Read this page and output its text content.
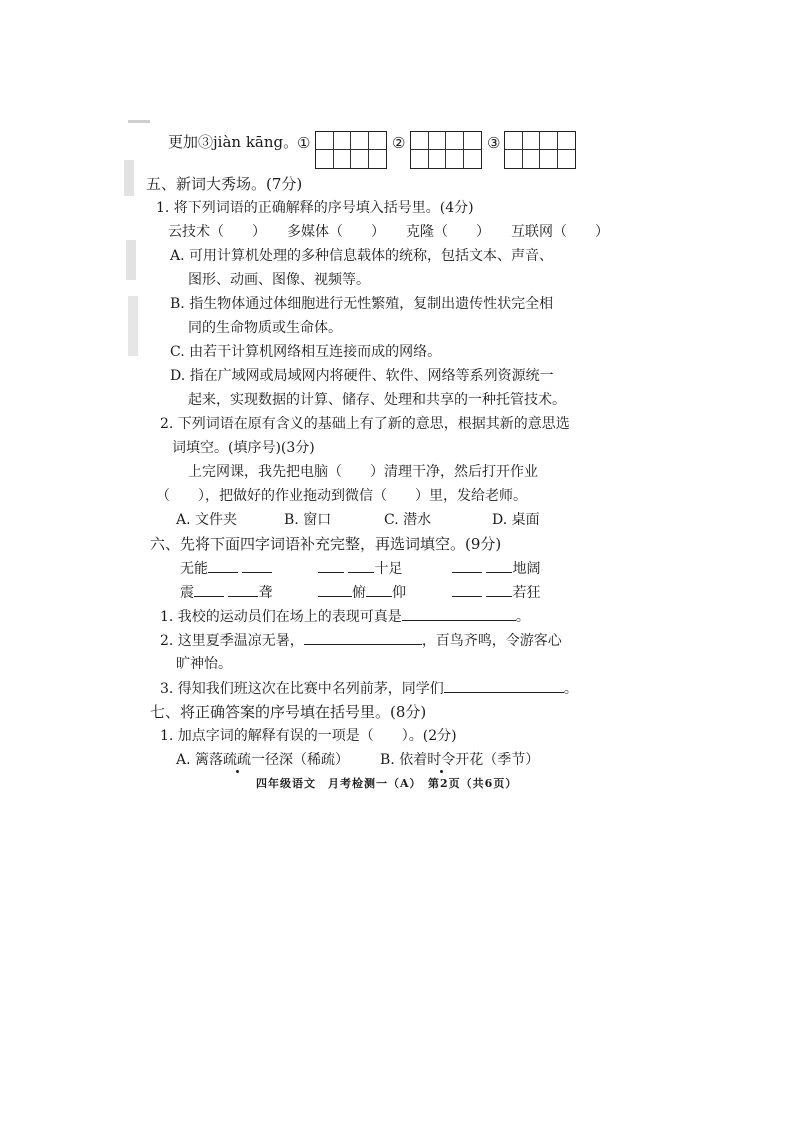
更加③jiàn kāng。
①	②	③
五、新词大秀场。(7分)
1. 将下列词语的正确解释的序号填入括号里。(4分)
云技术（　　）　　多媒体（　　）　　克隆（　　）　　互联网（　　）
A. 可用计算机处理的多种信息载体的统称，包括文本、声音、
图形、动画、图像、视频等。
B. 指生物体通过体细胞进行无性繁殖，复制出遗传性状完全相
同的生命物质或生命体。
C. 由若干计算机网络相互连接而成的网络。
D. 指在广域网或局域网内将硬件、软件、网络等系列资源统一
起来，实现数据的计算、储存、处理和共享的一种托管技术。
2. 下列词语在原有含义的基础上有了新的意思，根据其新的意思选
词填空。(填序号)(3分)
上完网课，我先把电脑（　　）清理干净，然后打开作业
（　　），把做好的作业拖动到微信（　　）里，发给老师。
A. 文件夹	B. 窗口	C. 潜水	D. 桌面
六、先将下面四字词语补充完整，再选词填空。(9分)
无能	十足	地阔
震	聋	俯 仰	若狂
1. 我校的运动员们在场上的表现可真是	。
2. 这里夏季温凉无暑，	，百鸟齐鸣，令游客心
旷神怡。
3. 得知我们班这次在比赛中名列前茅，同学们	。
七、将正确答案的序号填在括号里。(8分)
1. 加点字词的解释有误的一项是（　　）。(2分)
A. 篱落疏疏一径深（稀疏） B. 依着时令开花（季节）
四年级语文　月考检测一（A）　第2页（共6页）
